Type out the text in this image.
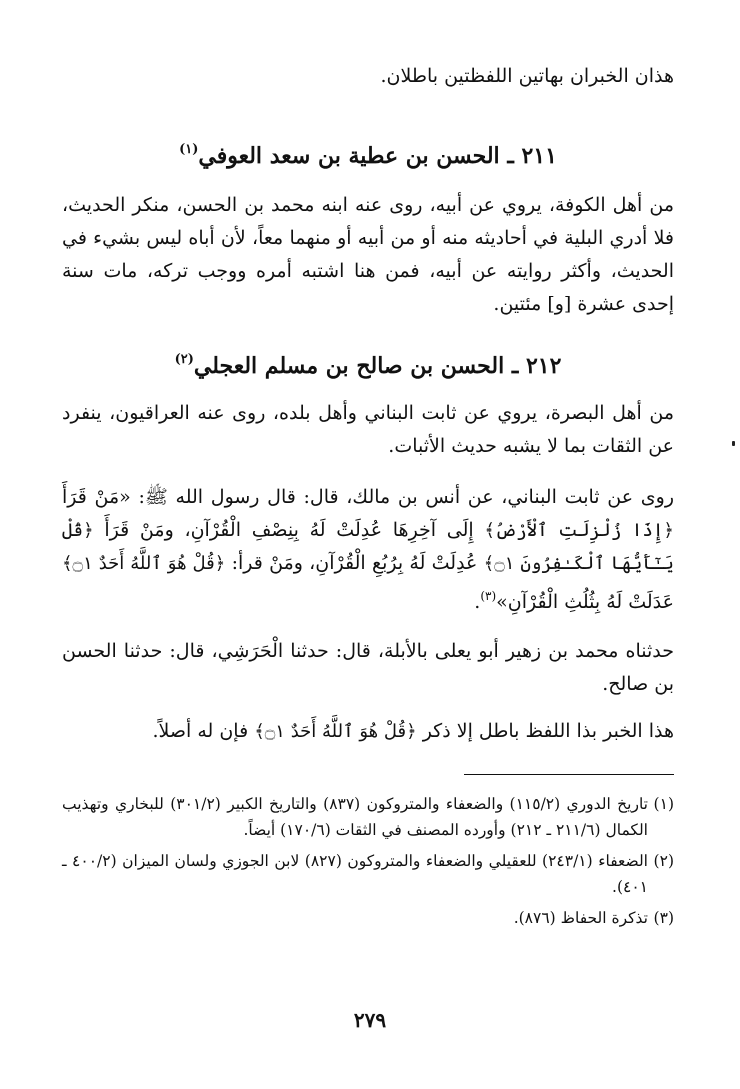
هذان الخبران بهاتين اللفظتين باطلان.

٢١١ ـ الحسن بن عطية بن سعد العوفي$^{(١)}$

من أهل الكوفة، يروي عن أبيه، روى عنه ابنه محمد بن الحسن، منكر الحديث، فلا أدري البلية في أحاديثه منه أو من أبيه أو منهما معاً، لأن أباه ليس بشيء في الحديث، وأكثر روايته عن أبيه، فمن هنا اشتبه أمره ووجب تركه، مات سنة إحدى عشرة [و] مئتين.

٢١٢ ـ الحسن بن صالح بن مسلم العجلي$^{(٢)}$

من أهل البصرة، يروي عن ثابت البناني وأهل بلده، روى عنه العراقيون، ينفرد عن الثقات بما لا يشبه حديث الأثبات.

روى عن ثابت البناني، عن أنس بن مالك، قال: قال رسول الله ﷺ: «مَنْ قَرَأَ ﴿إِذَا زُلْزِلَتِ ٱلْأَرْضُ﴾ إِلَى آخِرِهَا عُدِلَتْ لَهُ بِنِصْفِ الْقُرْآنِ، ومَنْ قَرَأَ ﴿قُلْ يَـٰٓأَيُّهَا ٱلْكَـٰفِرُونَ ۝١﴾ عُدِلَتْ لَهُ بِرُبُعِ الْقُرْآنِ، ومَنْ قرأ: ﴿قُلْ هُوَ ٱللَّهُ أَحَدٌ ۝١﴾ عَدَلَتْ لَهُ بِثُلُثِ الْقُرْآنِ»$^{(٣)}$.

حدثناه محمد بن زهير أبو يعلى بالأبلة، قال: حدثنا الْحَرَشِي، قال: حدثنا الحسن بن صالح.

هذا الخبر بذا اللفظ باطل إلا ذكر ﴿قُلْ هُوَ ٱللَّهُ أَحَدٌ ۝١﴾ فإن له أصلاً.

(١)
تاريخ الدوري (١١٥/٢) والضعفاء والمتروكون (٨٣٧) والتاريخ الكبير (٣٠١/٢) للبخاري وتهذيب الكمال (٢١١/٦ ـ ٢١٢) وأورده المصنف في الثقات (١٧٠/٦) أيضاً.
(٢)
الضعفاء (٢٤٣/١) للعقيلي والضعفاء والمتروكون (٨٢٧) لابن الجوزي ولسان الميزان (٤٠٠/٢ ـ ٤٠١).
(٣)
تذكرة الحفاظ (٨٧٦).
٢٧٩
